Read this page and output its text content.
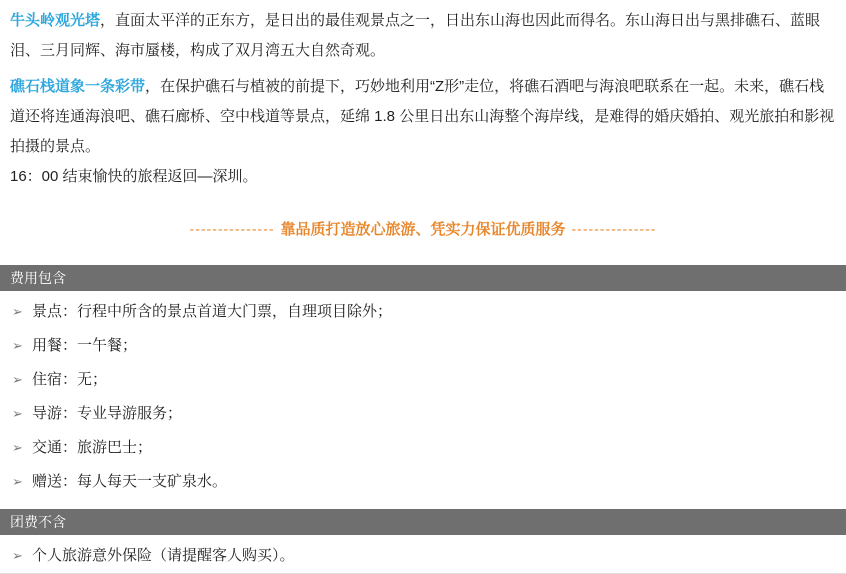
牛头岭观光塔，直面太平洋的正东方，是日出的最佳观景点之一，日出东山海也因此而得名。东山海日出与黑排礁石、蓝眼泪、三月同辉、海市蜃楼，构成了双月湾五大自然奇观。
礁石栈道象一条彩带，在保护礁石与植被的前提下，巧妙地利用“Z形”走位，将礁石酒吧与海浪吧联系在一起。未来，礁石栈道还将连通海浪吧、礁石廊桥、空中栈道等景点，延绵 1.8 公里日出东山海整个海岸线，是难得的婚庆婚拍、观光旅拍和影视拍摄的景点。
16：00 结束愉快的旅程返回—深圳。
--------------- 靠品质打造放心旅游、凭实力保证优质服务 ---------------
费用包含
➢ 景点：行程中所含的景点首道大门票，自理项目除外；
➢ 用餐：一午餐；
➢ 住宿：无；
➢ 导游：专业导游服务；
➢ 交通：旅游巴士；
➢ 赠送：每人每天一支矿泉水。
团费不含
➢ 个人旅游意外保险（请提醒客人购买）。
